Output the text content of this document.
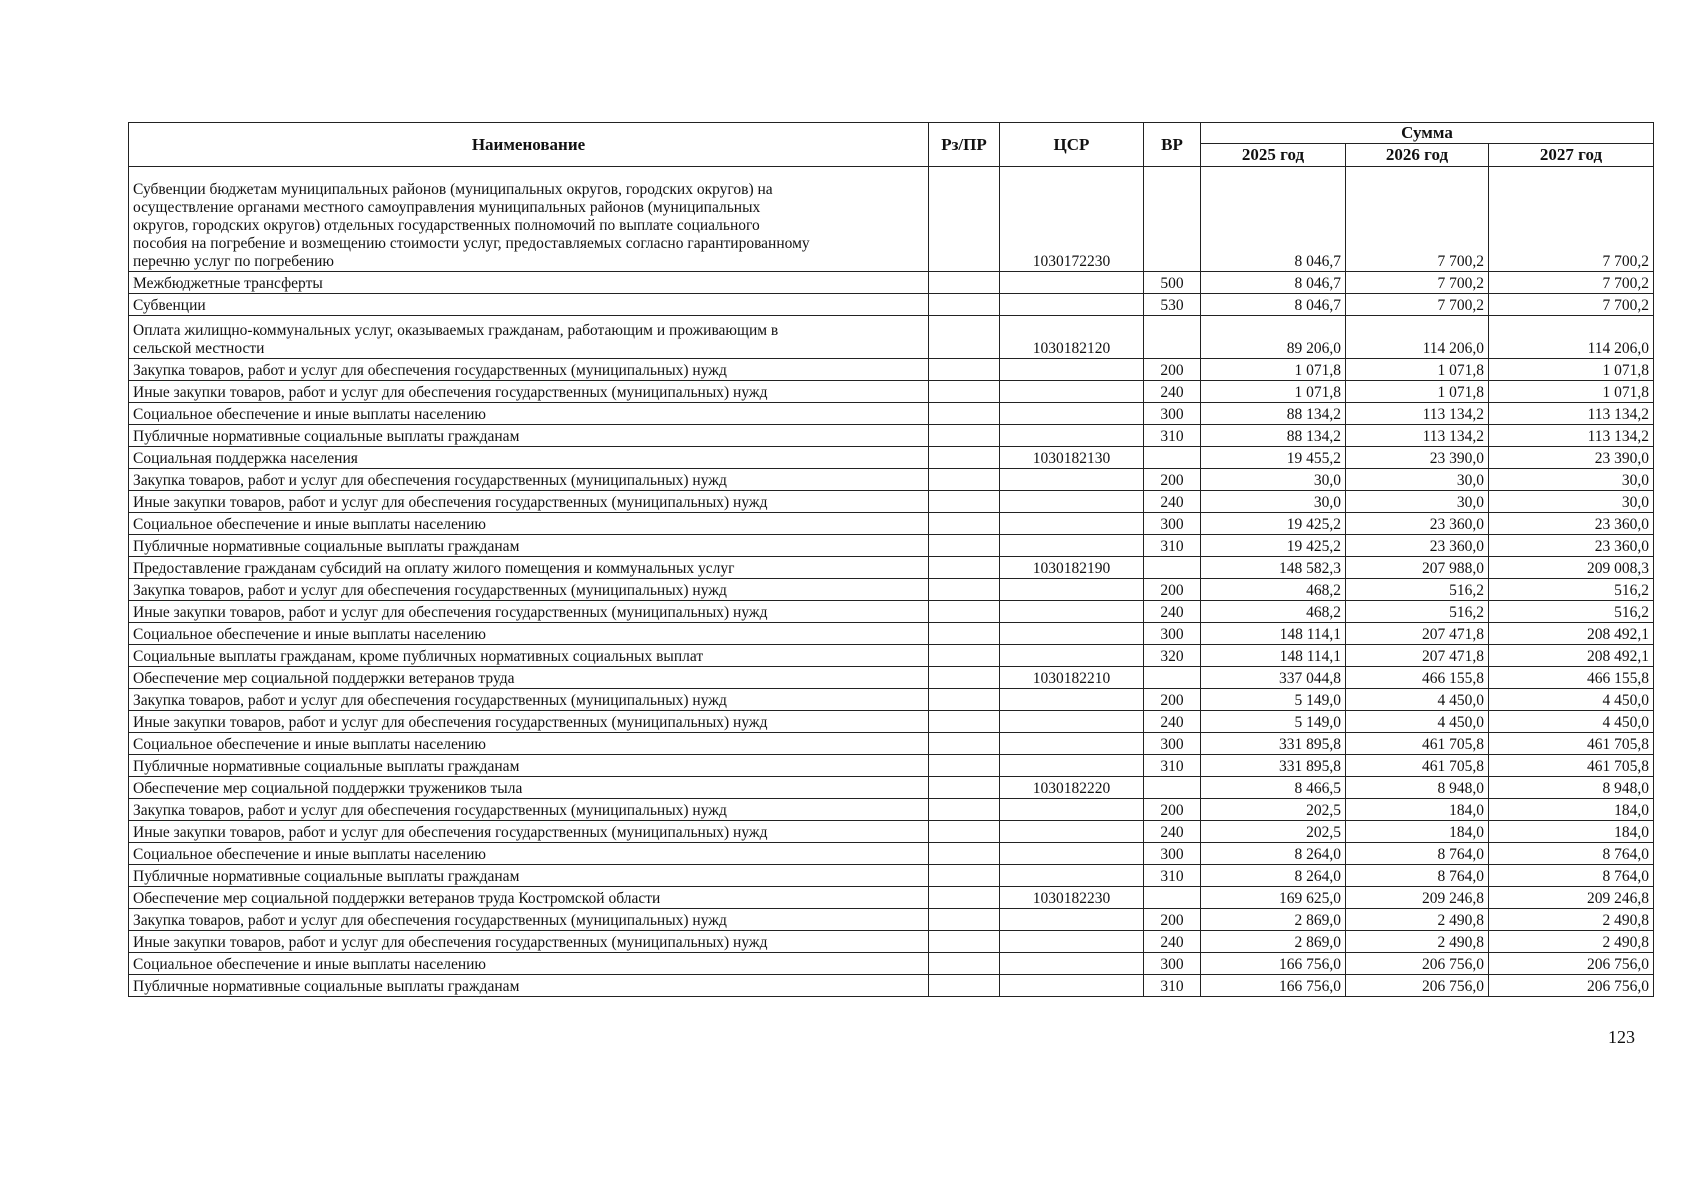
Наименование	Рз/ПР	ЦСР	ВР	Сумма		
				2025 год	2026 год	2027 год
Субвенции бюджетам муниципальных районов (муниципальных округов, городских округов) на
осуществление органами местного самоуправления муниципальных районов (муниципальных
округов, городских округов) отдельных государственных полномочий по выплате социального
пособия на погребение и возмещению стоимости услуг, предоставляемых согласно гарантированному
перечню услуг по погребению		1030172230		8 046,7	7 700,2	7 700,2
Межбюджетные трансферты			500	8 046,7	7 700,2	7 700,2
Субвенции			530	8 046,7	7 700,2	7 700,2
Оплата жилищно-коммунальных услуг, оказываемых гражданам, работающим и проживающим в
сельской местности		1030182120		89 206,0	114 206,0	114 206,0
Закупка товаров, работ и услуг для обеспечения государственных (муниципальных) нужд			200	1 071,8	1 071,8	1 071,8
Иные закупки товаров, работ и услуг для обеспечения государственных (муниципальных) нужд			240	1 071,8	1 071,8	1 071,8
Социальное обеспечение и иные выплаты населению			300	88 134,2	113 134,2	113 134,2
Публичные нормативные социальные выплаты гражданам			310	88 134,2	113 134,2	113 134,2
Социальная поддержка населения		1030182130		19 455,2	23 390,0	23 390,0
Закупка товаров, работ и услуг для обеспечения государственных (муниципальных) нужд			200	30,0	30,0	30,0
Иные закупки товаров, работ и услуг для обеспечения государственных (муниципальных) нужд			240	30,0	30,0	30,0
Социальное обеспечение и иные выплаты населению			300	19 425,2	23 360,0	23 360,0
Публичные нормативные социальные выплаты гражданам			310	19 425,2	23 360,0	23 360,0
Предоставление гражданам субсидий на оплату жилого помещения и коммунальных услуг		1030182190		148 582,3	207 988,0	209 008,3
Закупка товаров, работ и услуг для обеспечения государственных (муниципальных) нужд			200	468,2	516,2	516,2
Иные закупки товаров, работ и услуг для обеспечения государственных (муниципальных) нужд			240	468,2	516,2	516,2
Социальное обеспечение и иные выплаты населению			300	148 114,1	207 471,8	208 492,1
Социальные выплаты гражданам, кроме публичных нормативных социальных выплат			320	148 114,1	207 471,8	208 492,1
Обеспечение мер социальной поддержки ветеранов труда		1030182210		337 044,8	466 155,8	466 155,8
Закупка товаров, работ и услуг для обеспечения государственных (муниципальных) нужд			200	5 149,0	4 450,0	4 450,0
Иные закупки товаров, работ и услуг для обеспечения государственных (муниципальных) нужд			240	5 149,0	4 450,0	4 450,0
Социальное обеспечение и иные выплаты населению			300	331 895,8	461 705,8	461 705,8
Публичные нормативные социальные выплаты гражданам			310	331 895,8	461 705,8	461 705,8
Обеспечение мер социальной поддержки тружеников тыла		1030182220		8 466,5	8 948,0	8 948,0
Закупка товаров, работ и услуг для обеспечения государственных (муниципальных) нужд			200	202,5	184,0	184,0
Иные закупки товаров, работ и услуг для обеспечения государственных (муниципальных) нужд			240	202,5	184,0	184,0
Социальное обеспечение и иные выплаты населению			300	8 264,0	8 764,0	8 764,0
Публичные нормативные социальные выплаты гражданам			310	8 264,0	8 764,0	8 764,0
Обеспечение мер социальной поддержки ветеранов труда Костромской области		1030182230		169 625,0	209 246,8	209 246,8
Закупка товаров, работ и услуг для обеспечения государственных (муниципальных) нужд			200	2 869,0	2 490,8	2 490,8
Иные закупки товаров, работ и услуг для обеспечения государственных (муниципальных) нужд			240	2 869,0	2 490,8	2 490,8
Социальное обеспечение и иные выплаты населению			300	166 756,0	206 756,0	206 756,0
Публичные нормативные социальные выплаты гражданам			310	166 756,0	206 756,0	206 756,0
123
